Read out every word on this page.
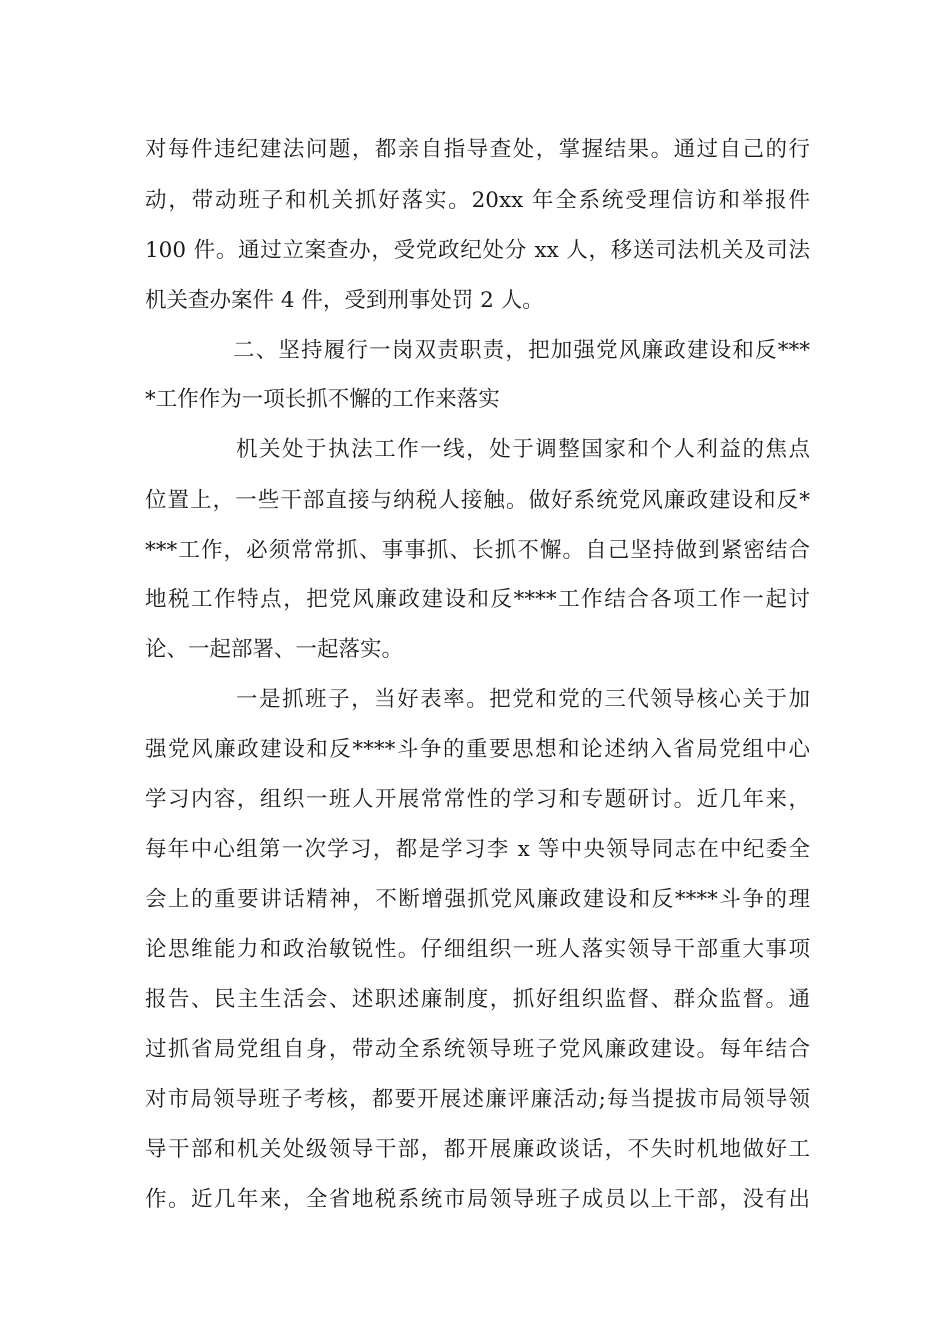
对每件违纪建法问题，都亲自指导查处，掌握结果。通过自己的行
动，带动班子和机关抓好落实。20xx 年全系统受理信访和举报件
100 件。通过立案查办，受党政纪处分 xx 人，移送司法机关及司法
机关查办案件 4 件，受到刑事处罚 2 人。
二、坚持履行一岗双责职责，把加强党风廉政建设和反***
*工作作为一项长抓不懈的工作来落实
机关处于执法工作一线，处于调整国家和个人利益的焦点
位置上，一些干部直接与纳税人接触。做好系统党风廉政建设和反*
***工作，必须常常抓、事事抓、长抓不懈。自己坚持做到紧密结合
地税工作特点，把党风廉政建设和反****工作结合各项工作一起讨
论、一起部署、一起落实。
一是抓班子，当好表率。把党和党的三代领导核心关于加
强党风廉政建设和反****斗争的重要思想和论述纳入省局党组中心
学习内容，组织一班人开展常常性的学习和专题研讨。近几年来，
每年中心组第一次学习，都是学习李 x 等中央领导同志在中纪委全
会上的重要讲话精神，不断增强抓党风廉政建设和反****斗争的理
论思维能力和政治敏锐性。仔细组织一班人落实领导干部重大事项
报告、民主生活会、述职述廉制度，抓好组织监督、群众监督。通
过抓省局党组自身，带动全系统领导班子党风廉政建设。每年结合
对市局领导班子考核，都要开展述廉评廉活动;每当提拔市局领导领
导干部和机关处级领导干部，都开展廉政谈话，不失时机地做好工
作。近几年来，全省地税系统市局领导班子成员以上干部，没有出
